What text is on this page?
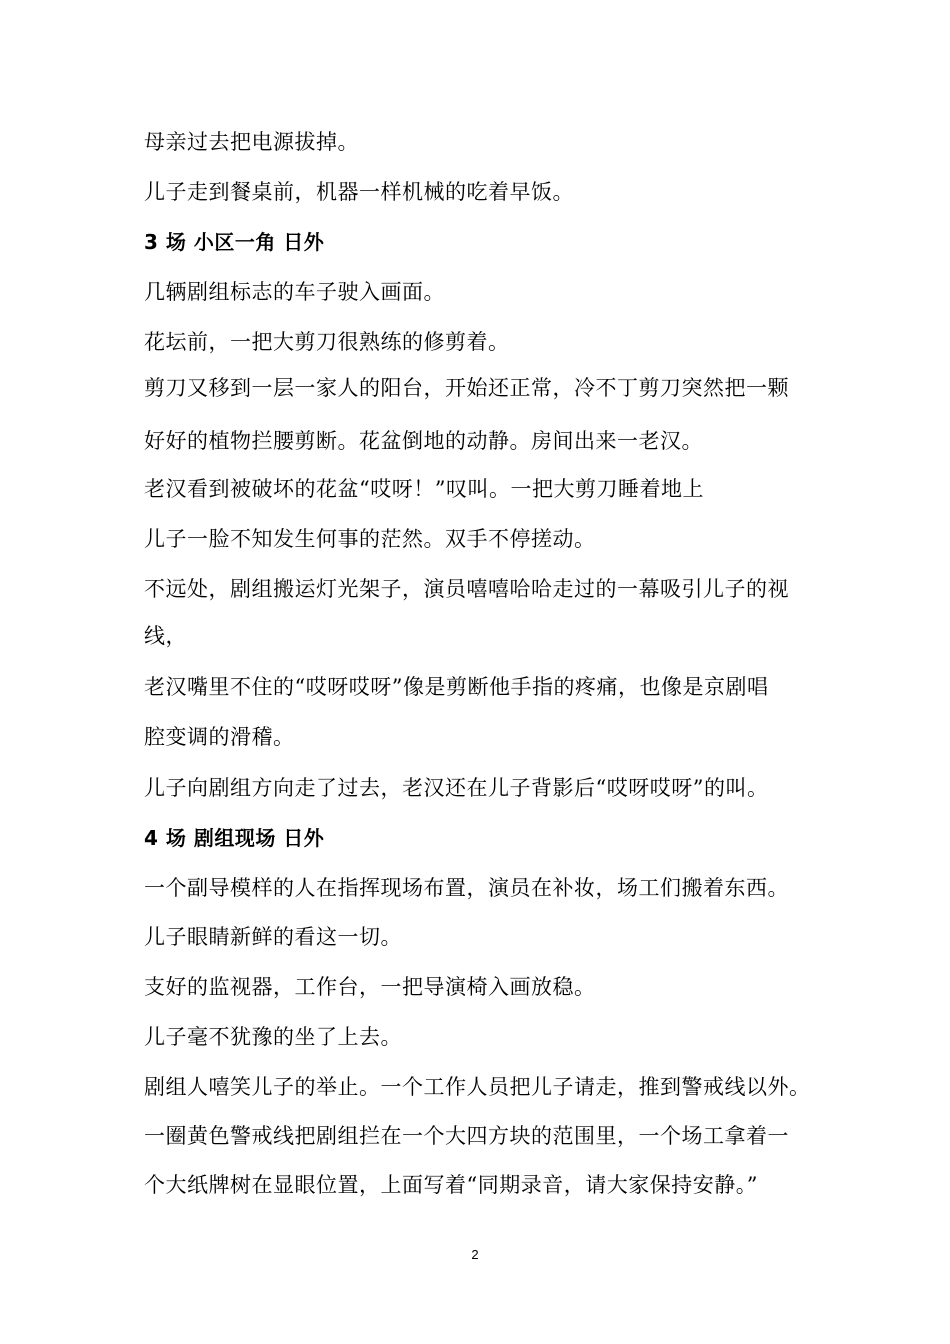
母亲过去把电源拔掉。
儿子走到餐桌前，机器一样机械的吃着早饭。
3 场 小区一角 日外
几辆剧组标志的车子驶入画面。
花坛前，一把大剪刀很熟练的修剪着。
剪刀又移到一层一家人的阳台，开始还正常，冷不丁剪刀突然把一颗
好好的植物拦腰剪断。花盆倒地的动静。房间出来一老汉。
老汉看到被破坏的花盆“哎呀！”叹叫。一把大剪刀睡着地上
儿子一脸不知发生何事的茫然。双手不停搓动。
不远处，剧组搬运灯光架子，演员嘻嘻哈哈走过的一幕吸引儿子的视
线，
老汉嘴里不住的“哎呀哎呀”像是剪断他手指的疼痛，也像是京剧唱
腔变调的滑稽。
儿子向剧组方向走了过去，老汉还在儿子背影后“哎呀哎呀”的叫。
4 场 剧组现场 日外
一个副导模样的人在指挥现场布置，演员在补妆，场工们搬着东西。
儿子眼睛新鲜的看这一切。
支好的监视器，工作台，一把导演椅入画放稳。
儿子毫不犹豫的坐了上去。
剧组人嘻笑儿子的举止。一个工作人员把儿子请走，推到警戒线以外。
一圈黄色警戒线把剧组拦在一个大四方块的范围里，一个场工拿着一
个大纸牌树在显眼位置，上面写着“同期录音，请大家保持安静。”
2
